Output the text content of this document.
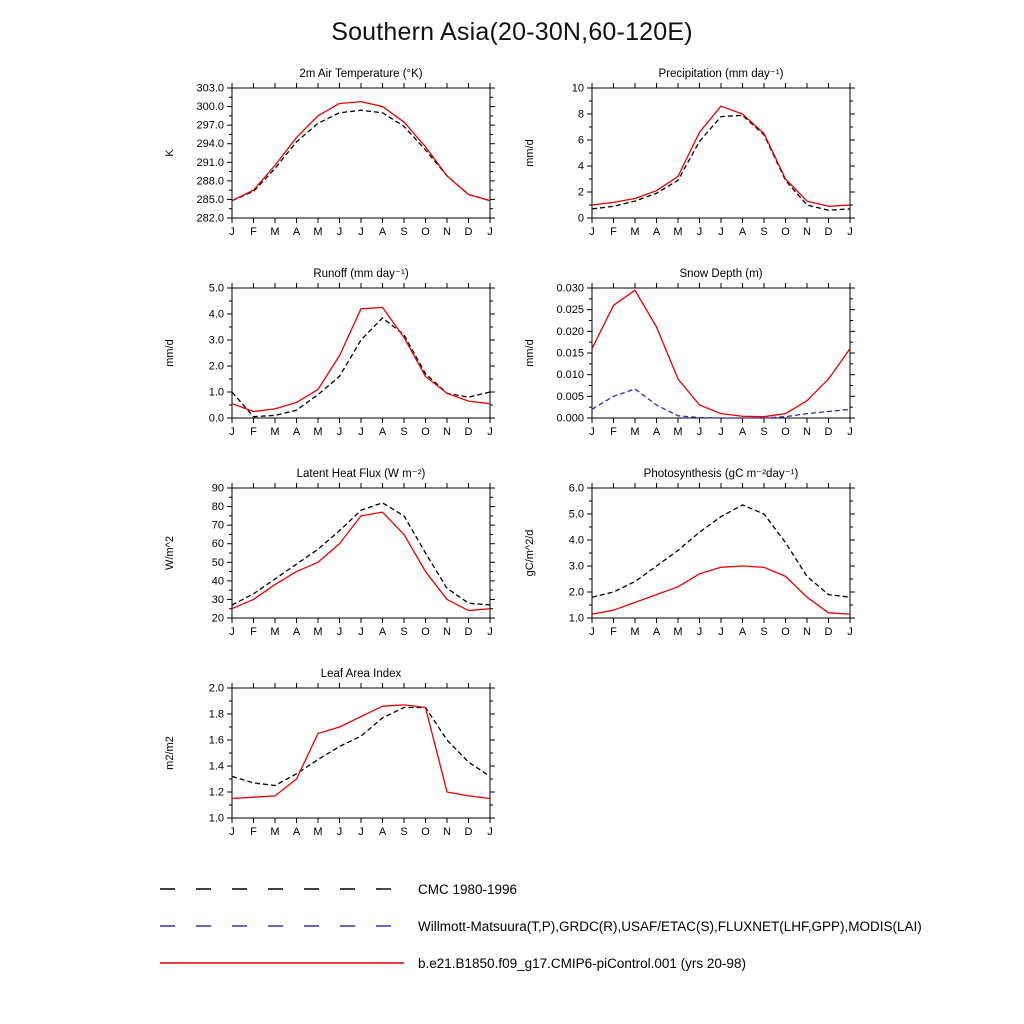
Southern Asia(20-30N,60-120E)
2m Air Temperature (°K)
K
282.0
285.0
288.0
291.0
294.0
297.0
300.0
303.0
J F M A M J J A S O N D J
Precipitation (mm day⁻¹)
mm/d
0
2
4
6
8
10
J F M A M J J A S O N D J
Runoff (mm day⁻¹)
mm/d
0.0
1.0
2.0
3.0
4.0
5.0
J F M A M J J A S O N D J
Snow Depth (m)
mm/d
0.000
0.005
0.010
0.015
0.020
0.025
0.030
J F M A M J J A S O N D J
Latent Heat Flux (W m⁻²)
W/m^2
20
30
40
50
60
70
80
90
J F M A M J J A S O N D J
Photosynthesis (gC m⁻²day⁻¹)
gC/m^2/d
1.0
2.0
3.0
4.0
5.0
6.0
J F M A M J J A S O N D J
Leaf Area Index
m2/m2
1.0
1.2
1.4
1.6
1.8
2.0
J F M A M J J A S O N D J
CMC 1980-1996
Willmott-Matsuura(T,P),GRDC(R),USAF/ETAC(S),FLUXNET(LHF,GPP),MODIS(LAI)
b.e21.B1850.f09_g17.CMIP6-piControl.001 (yrs 20-98)
